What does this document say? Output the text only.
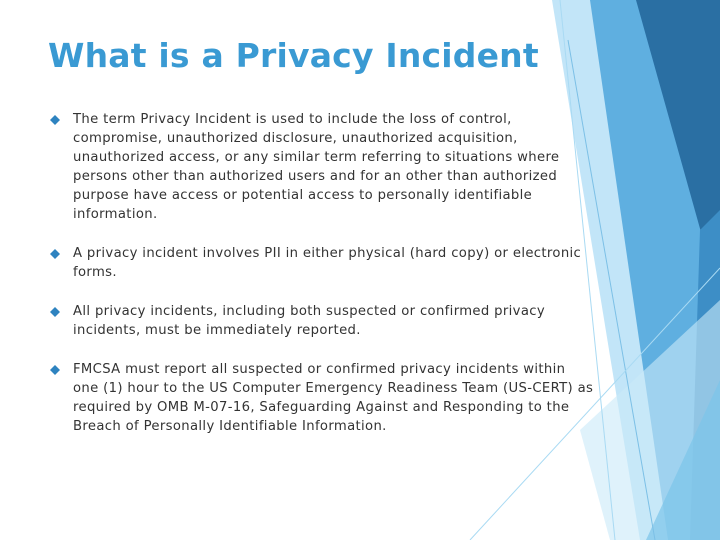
What is a Privacy Incident
The term Privacy Incident is used to include the loss of control, compromise, unauthorized disclosure, unauthorized acquisition, unauthorized access, or any similar term referring to situations where persons other than authorized users and for an other than authorized purpose have access or potential access to personally identifiable information.
A privacy incident involves PII in either physical (hard copy) or electronic forms.
All privacy incidents, including both suspected or confirmed privacy incidents, must be immediately reported.
FMCSA must report all suspected or confirmed privacy incidents within one (1) hour to the US Computer Emergency Readiness Team (US-CERT) as required by OMB M-07-16, Safeguarding Against and Responding to the Breach of Personally Identifiable Information.
